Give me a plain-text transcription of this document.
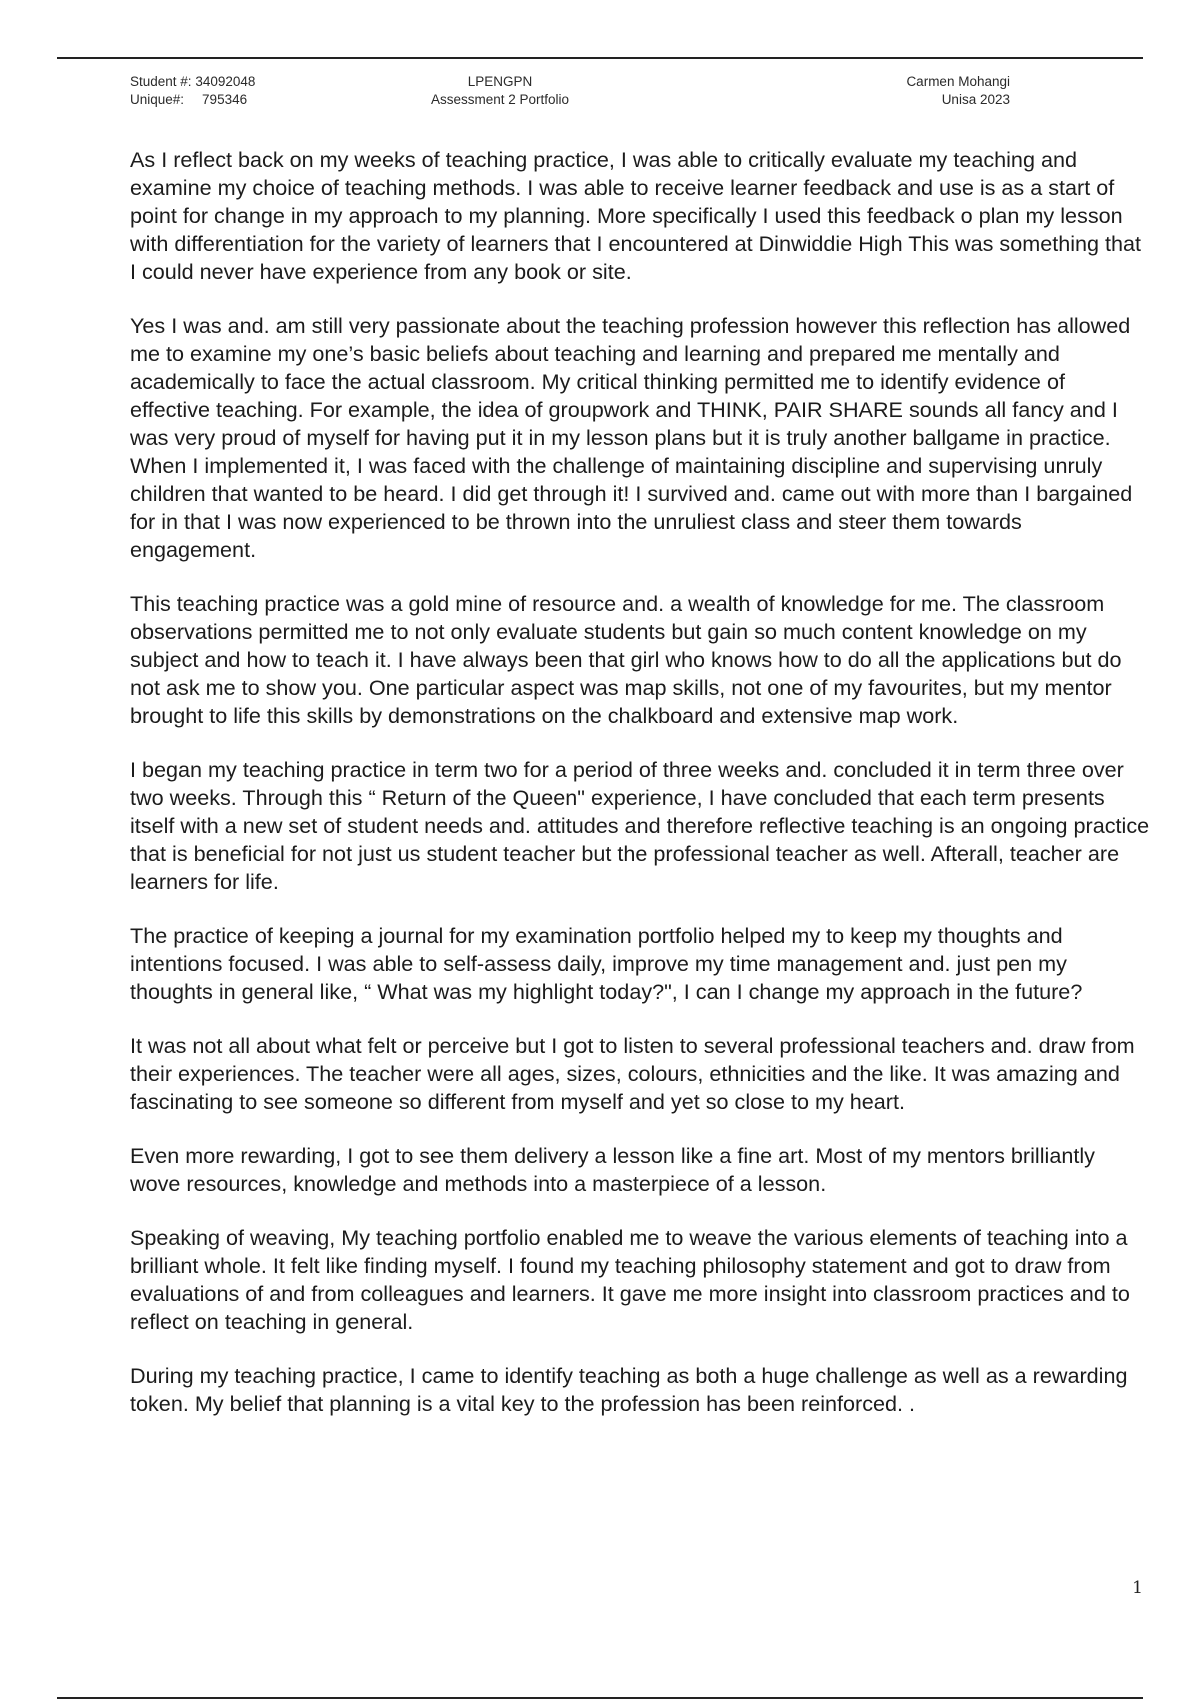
Student #: 34092048
Unique#: 795346
LPENGPN
Assessment 2 Portfolio
Carmen Mohangi
Unisa 2023

As I reflect back on my weeks of teaching practice, I was able to critically evaluate my teaching and examine my choice of teaching methods. I was able to receive learner feedback and use is as a start of point for change in my approach to my planning. More specifically I used this feedback o plan my lesson with differentiation for the variety of learners that I encountered at Dinwiddie High This was something that I could never have experience from any book or site.

Yes I was and. am still very passionate about the teaching profession however this reflection has allowed me to examine my one’s basic beliefs about teaching and learning and prepared me mentally and academically to face the actual classroom. My critical thinking permitted me to identify evidence of effective teaching. For example, the idea of groupwork and THINK, PAIR SHARE sounds all fancy and I was very proud of myself for having put it in my lesson plans but it is truly another ballgame in practice. When I implemented it, I was faced with the challenge of maintaining discipline and supervising unruly children that wanted to be heard. I did get through it! I survived and. came out with more than I bargained for in that I was now experienced to be thrown into the unruliest class and steer them towards engagement.

This teaching practice was a gold mine of resource and. a wealth of knowledge for me. The classroom observations permitted me to not only evaluate students but gain so much content knowledge on my subject and how to teach it. I have always been that girl who knows how to do all the applications but do not ask me to show you. One particular aspect was map skills, not one of my favourites, but my mentor brought to life this skills by demonstrations on the chalkboard and extensive map work.

I began my teaching practice in term two for a period of three weeks and. concluded it in term three over two weeks. Through this “ Return of the Queen" experience, I have concluded that each term presents itself with a new set of student needs and. attitudes and therefore reflective teaching is an ongoing practice that is beneficial for not just us student teacher but the professional teacher as well. Afterall, teacher are learners for life.

The practice of keeping a journal for my examination portfolio helped my to keep my thoughts and intentions focused. I was able to self-assess daily, improve my time management and. just pen my thoughts in general like, “ What was my highlight today?", I can I change my approach in the future?

It was not all about what felt or perceive but I got to listen to several professional teachers and. draw from their experiences. The teacher were all ages, sizes, colours, ethnicities and the like. It was amazing and fascinating to see someone so different from myself and yet so close to my heart.

Even more rewarding, I got to see them delivery a lesson like a fine art. Most of my mentors brilliantly wove resources, knowledge and methods into a masterpiece of a lesson.

Speaking of weaving, My teaching portfolio enabled me to weave the various elements of teaching into a brilliant whole. It felt like finding myself. I found my teaching philosophy statement and got to draw from evaluations of and from colleagues and learners. It gave me more insight into classroom practices and to reflect on teaching in general.

During my teaching practice, I came to identify teaching as both a huge challenge as well as a rewarding token. My belief that planning is a vital key to the profession has been reinforced. .

1
